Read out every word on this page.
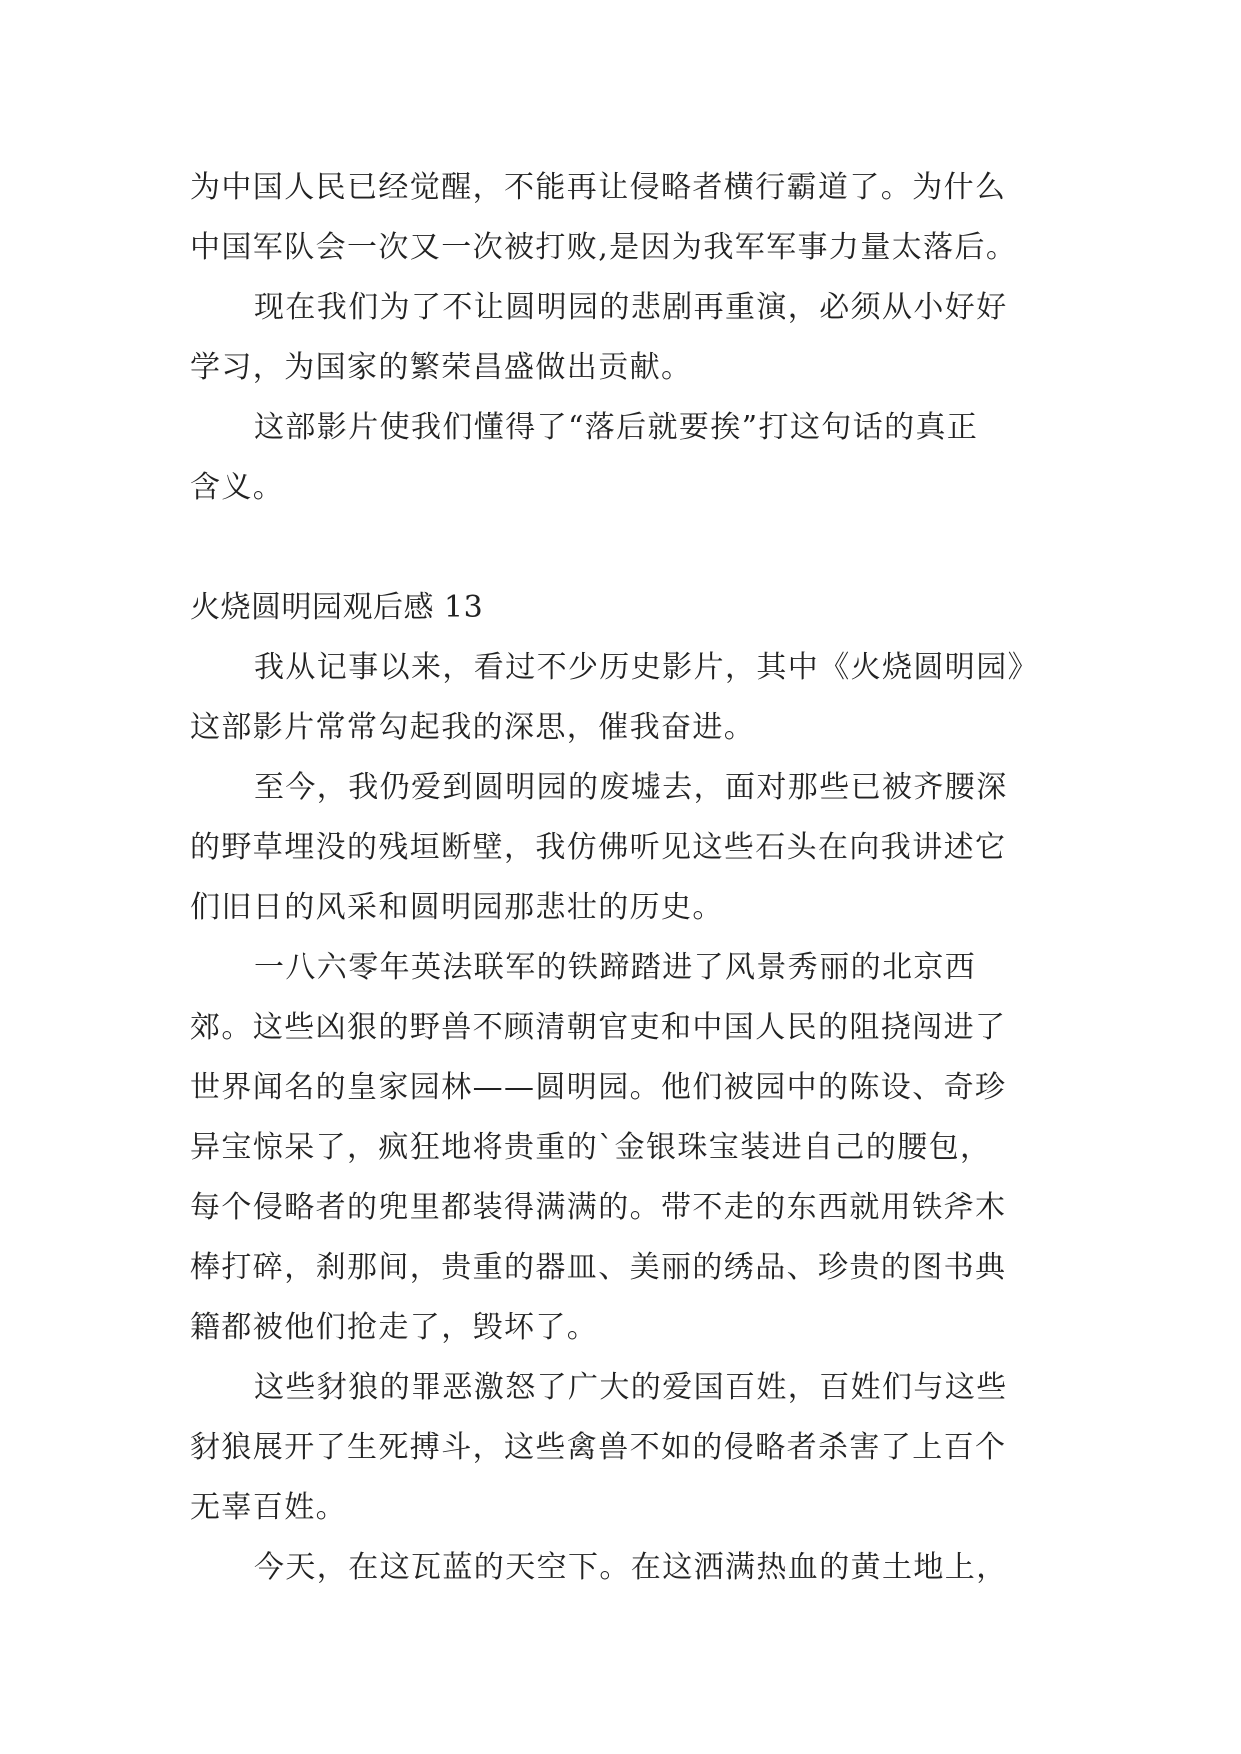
为中国人民已经觉醒，不能再让侵略者横行霸道了。为什么
中国军队会一次又一次被打败,是因为我军军事力量太落后。
现在我们为了不让圆明园的悲剧再重演，必须从小好好
学习，为国家的繁荣昌盛做出贡献。
这部影片使我们懂得了“落后就要挨”打这句话的真正
含义。
火烧圆明园观后感 13
我从记事以来，看过不少历史影片，其中《火烧圆明园》
这部影片常常勾起我的深思，催我奋进。
至今，我仍爱到圆明园的废墟去，面对那些已被齐腰深
的野草埋没的残垣断壁，我仿佛听见这些石头在向我讲述它
们旧日的风采和圆明园那悲壮的历史。
一八六零年英法联军的铁蹄踏进了风景秀丽的北京西
郊。这些凶狠的野兽不顾清朝官吏和中国人民的阻挠闯进了
世界闻名的皇家园林——圆明园。他们被园中的陈设、奇珍
异宝惊呆了，疯狂地将贵重的`金银珠宝装进自己的腰包，
每个侵略者的兜里都装得满满的。带不走的东西就用铁斧木
棒打碎，刹那间，贵重的器皿、美丽的绣品、珍贵的图书典
籍都被他们抢走了，毁坏了。
这些豺狼的罪恶激怒了广大的爱国百姓，百姓们与这些
豺狼展开了生死搏斗，这些禽兽不如的侵略者杀害了上百个
无辜百姓。
今天，在这瓦蓝的天空下。在这洒满热血的黄土地上，
